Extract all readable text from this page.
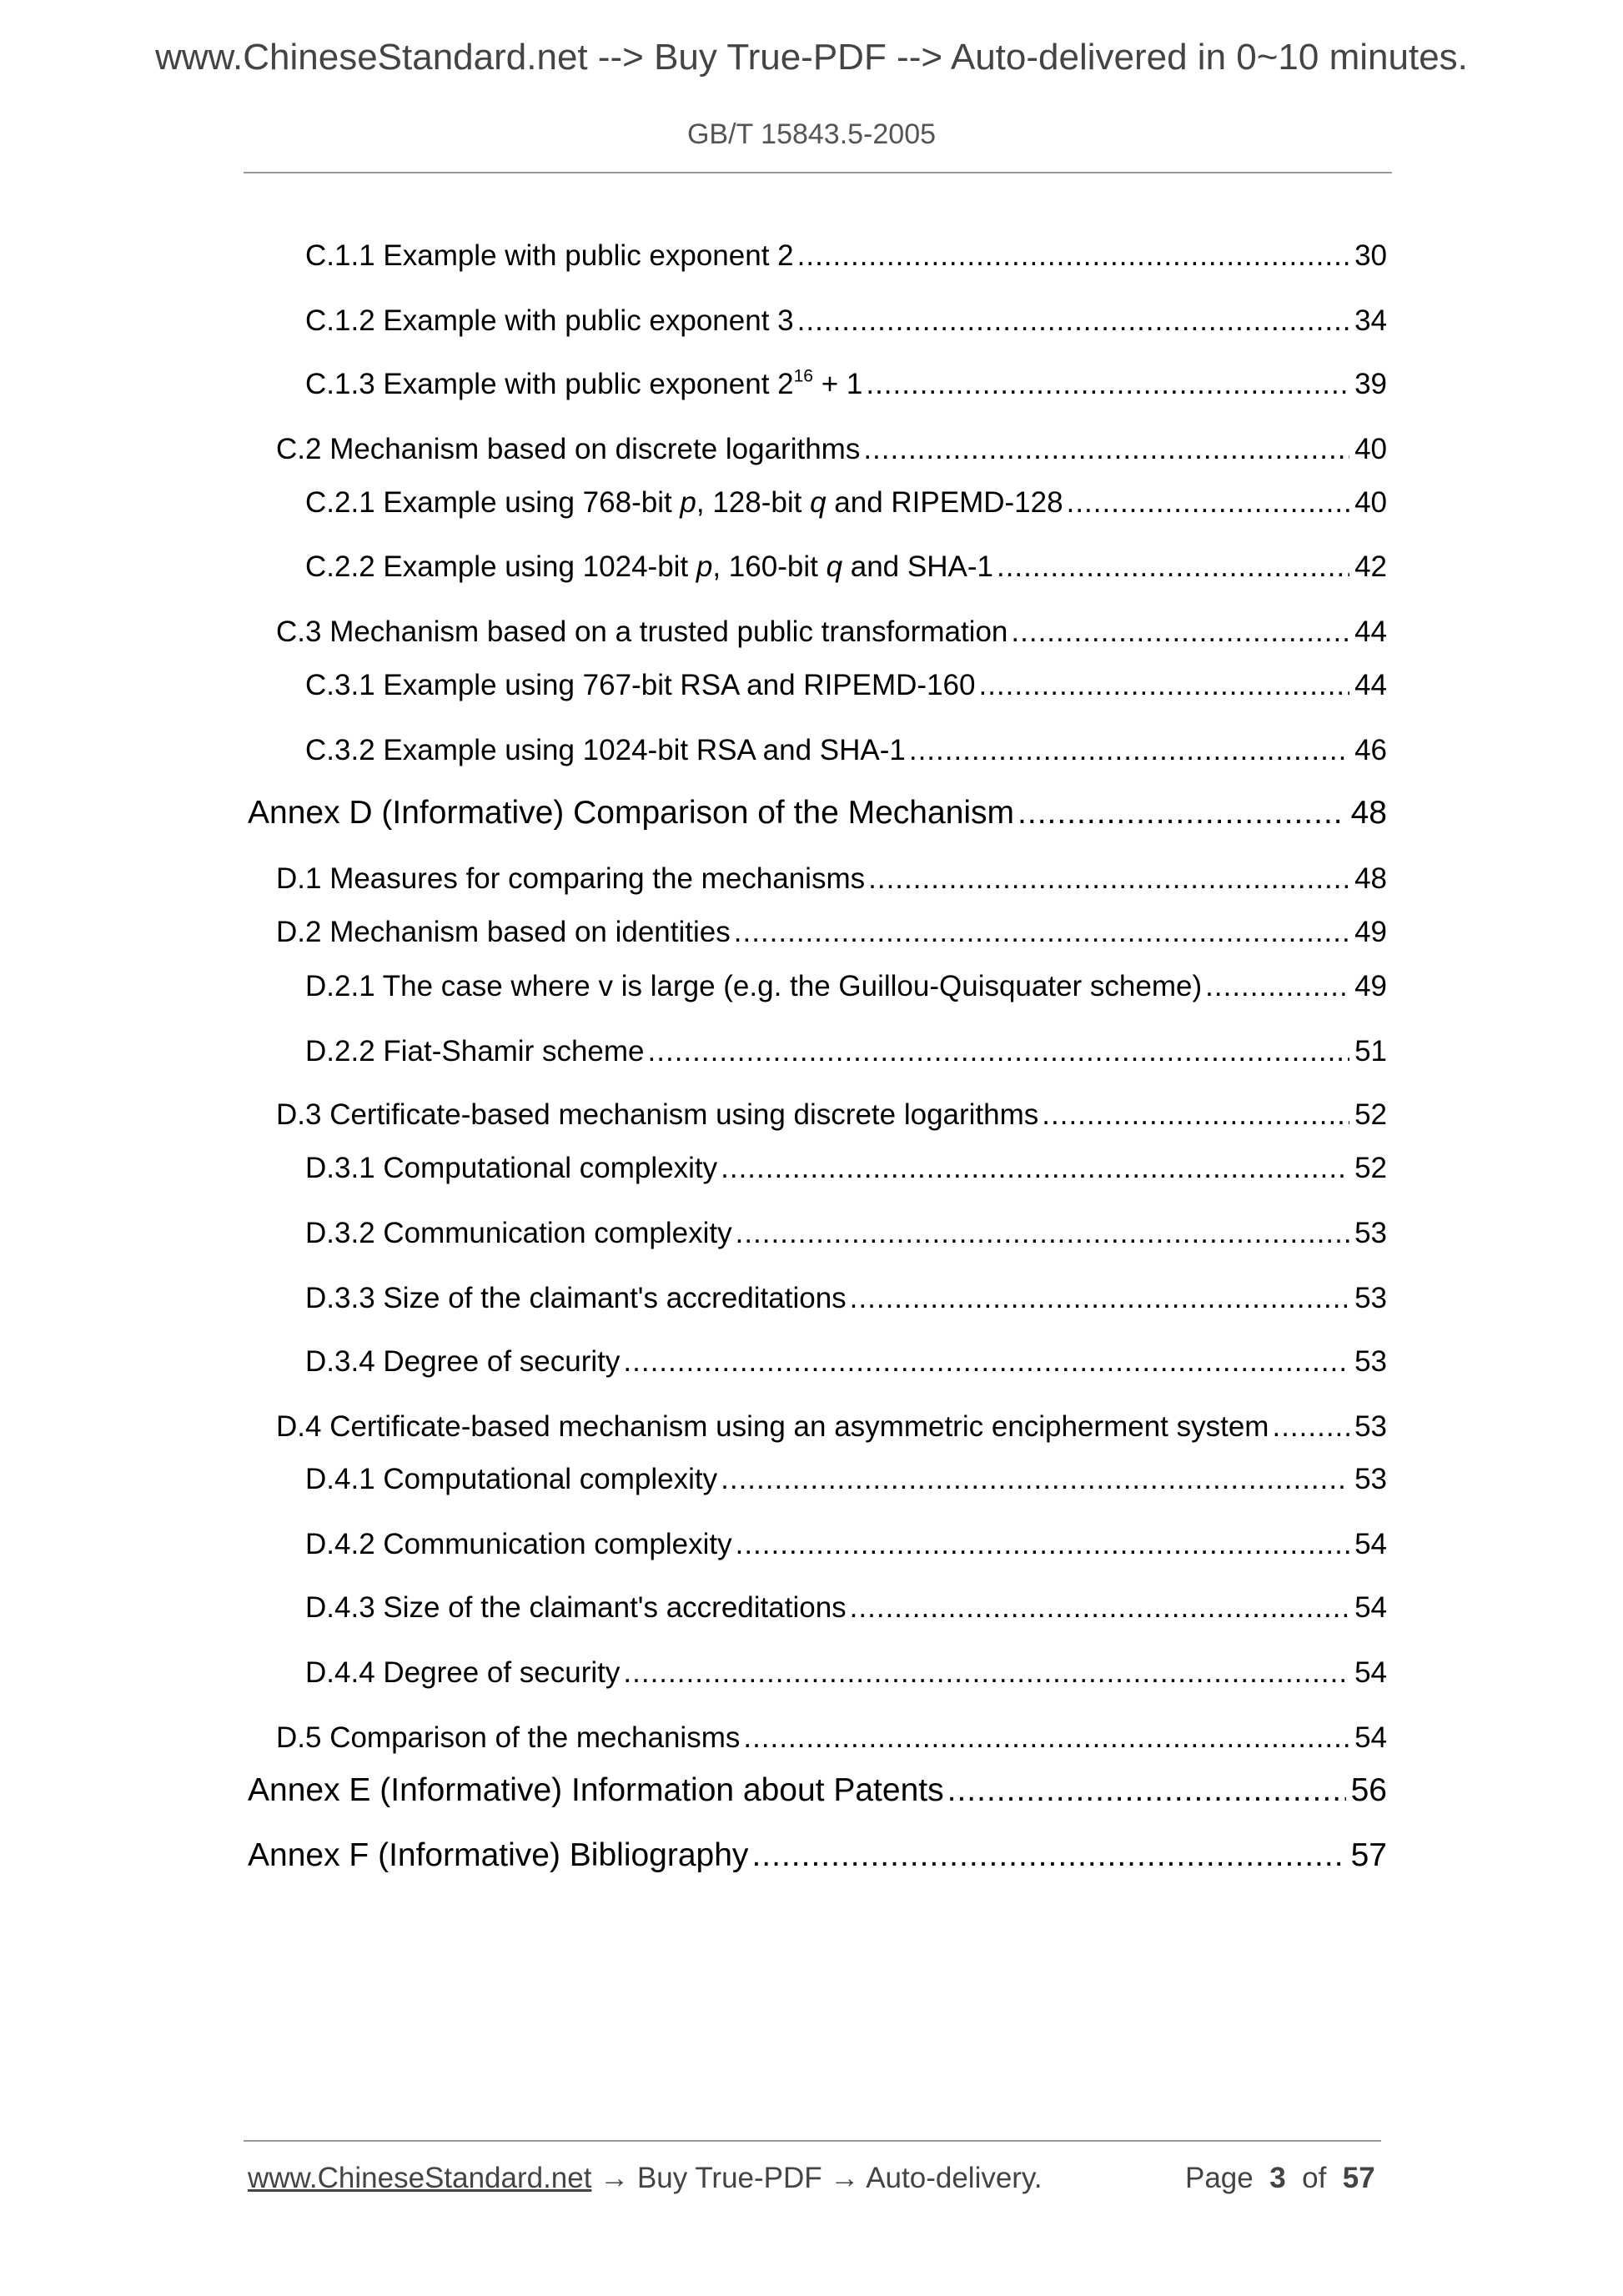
www.ChineseStandard.net --> Buy True-PDF --> Auto-delivered in 0~10 minutes.
GB/T 15843.5-2005
C.1.1 Example with public exponent 2 .....	30
C.1.2 Example with public exponent 3 .....	34
C.1.3 Example with public exponent $2^{16} + 1$ .....	39
C.2 Mechanism based on discrete logarithms .....	40
C.2.1 Example using 768-bit p, 128-bit q and RIPEMD-128 .....	40
C.2.2 Example using 1024-bit p, 160-bit q and SHA-1 .....	42
C.3 Mechanism based on a trusted public transformation .....	44
C.3.1 Example using 767-bit RSA and RIPEMD-160 .....	44
C.3.2 Example using 1024-bit RSA and SHA-1 .....	46
Annex D (Informative) Comparison of the Mechanism .....	48
D.1 Measures for comparing the mechanisms .....	48
D.2 Mechanism based on identities .....	49
D.2.1 The case where v is large (e.g. the Guillou-Quisquater scheme) .....	49
D.2.2 Fiat-Shamir scheme .....	51
D.3 Certificate-based mechanism using discrete logarithms .....	52
D.3.1 Computational complexity .....	52
D.3.2 Communication complexity .....	53
D.3.3 Size of the claimant's accreditations .....	53
D.3.4 Degree of security .....	53
D.4 Certificate-based mechanism using an asymmetric encipherment system .....	53
D.4.1 Computational complexity .....	53
D.4.2 Communication complexity .....	54
D.4.3 Size of the claimant's accreditations .....	54
D.4.4 Degree of security .....	54
D.5 Comparison of the mechanisms .....	54
Annex E (Informative) Information about Patents .....	56
Annex F (Informative) Bibliography .....	57
www.ChineseStandard.net → Buy True-PDF → Auto-delivery.	Page 3 of 57
